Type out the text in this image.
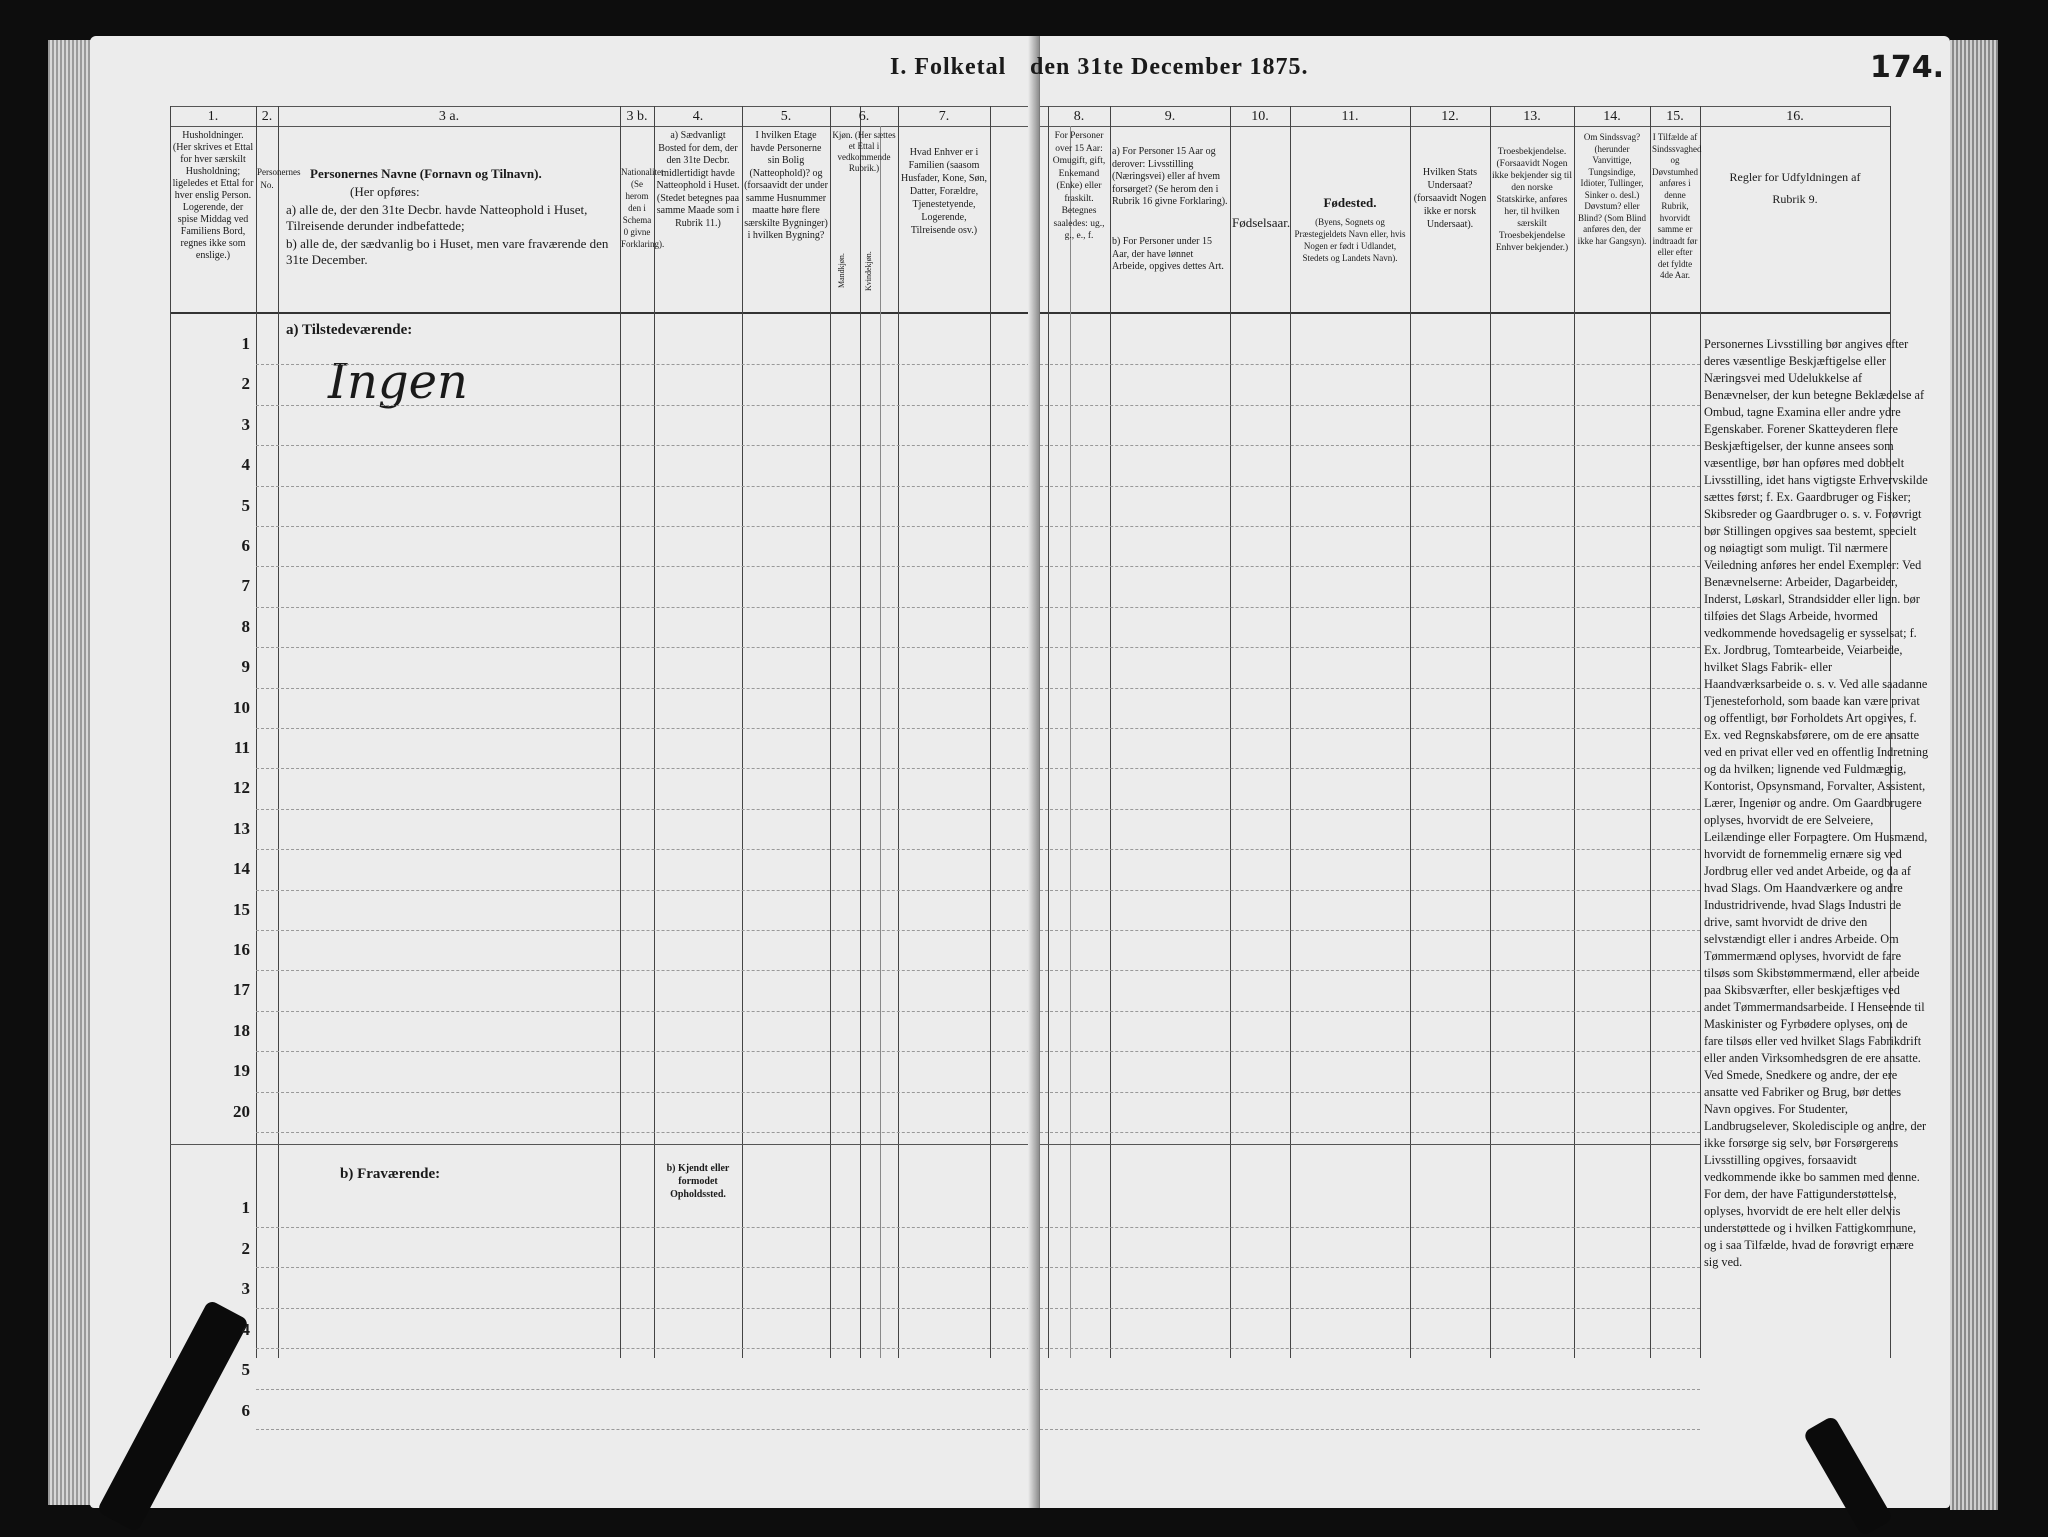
I. Folketal
1.	2.	3 a.	3 b.	4.	5.	6.	7.
Husholdninger. (Her skrives et Ettal for hver særskilt Husholdning; ligeledes et Ettal for hver enslig Person. Logerende, der spise Middag ved Familiens Bord, regnes ikke som enslige.)
Personernes No.
Personernes Navne (Fornavn og Tilnavn).
(Her opføres:
a) alle de, der den 31te Decbr. havde Natteophold i Huset, Tilreisende derunder indbefattede;
b) alle de, der sædvanlig bo i Huset, men vare fraværende den 31te December.
Nationalitet (Se herom den i Schema 0 givne Forklaring).
a) Sædvanligt Bosted for dem, der den 31te Decbr. midlertidigt havde Natteophold i Huset. (Stedet betegnes paa samme Maade som i Rubrik 11.)
I hvilken Etage havde Personerne sin Bolig (Natteophold)? og (forsaavidt der under samme Husnummer maatte høre flere særskilte Bygninger) i hvilken Bygning?
Kjøn. (Her sættes et Ettal i vedkommende Rubrik.)
Mandkjøn.	Kvindekjøn.
Hvad Enhver er i Familien (saasom Husfader, Kone, Søn, Datter, Forældre, Tjenestetyende, Logerende, Tilreisende osv.)
a) Tilstedeværende:
Ingen
b) Fraværende:	b) Kjendt eller formodet Opholdssted.
1
2
3
4
5
6
7
8
9
10
11
12
13
14
15
16
17
18
19
20
1
2
3
4
5
6
den 31te December 1875.	174.
8.	9.	10.	11.	12.	13.	14.	15.	16.
For Personer over 15 Aar: Omugift, gift, Enkemand (Enke) eller fraskilt. Betegnes saaledes: ug., g., e., f.
a) For Personer 15 Aar og derover: Livsstilling (Næringsvei) eller af hvem forsørget? (Se herom den i Rubrik 16 givne Forklaring).
b) For Personer under 15 Aar, der have lønnet Arbeide, opgives dettes Art.
Fødselsaar.
Fødested.
(Byens, Sognets og Præstegjeldets Navn eller, hvis Nogen er født i Udlandet, Stedets og Landets Navn).
Hvilken Stats Undersaat? (forsaavidt Nogen ikke er norsk Undersaat).
Troesbekjendelse. (Forsaavidt Nogen ikke bekjender sig til den norske Statskirke, anføres her, til hvilken særskilt Troesbekjendelse Enhver bekjender.)
Om Sindssvag? (herunder Vanvittige, Tungsindige, Idioter, Tullinger, Sinker o. desl.) Døvstum? eller Blind? (Som Blind anføres den, der ikke har Gangsyn).
I Tilfælde af Sindssvaghed og Døvstumhed anføres i denne Rubrik, hvorvidt samme er indtraadt før eller efter det fyldte 4de Aar.
Regler for Udfyldningen af Rubrik 9.
Personernes Livsstilling bør angives efter deres væsentlige Beskjæftigelse eller Næringsvei med Udelukkelse af Benævnelser, der kun betegne Beklædelse af Ombud, tagne Examina eller andre ydre Egenskaber. Forener Skatteyderen flere Beskjæftigelser, der kunne ansees som væsentlige, bør han opføres med dobbelt Livsstilling, idet hans vigtigste Erhvervskilde sættes først; f. Ex. Gaardbruger og Fisker; Skibsreder og Gaardbruger o. s. v. Forøvrigt bør Stillingen opgives saa bestemt, specielt og nøiagtigt som muligt. Til nærmere Veiledning anføres her endel Exempler: Ved Benævnelserne: Arbeider, Dagarbeider, Inderst, Løskarl, Strandsidder eller lign. bør tilføies det Slags Arbeide, hvormed vedkommende hovedsagelig er sysselsat; f. Ex. Jordbrug, Tomtearbeide, Veiarbeide, hvilket Slags Fabrik- eller Haandværksarbeide o. s. v. Ved alle saadanne Tjenesteforhold, som baade kan være privat og offentligt, bør Forholdets Art opgives, f. Ex. ved Regnskabsførere, om de ere ansatte ved en privat eller ved en offentlig Indretning og da hvilken; lignende ved Fuldmægtig, Kontorist, Opsynsmand, Forvalter, Assistent, Lærer, Ingeniør og andre. Om Gaardbrugere oplyses, hvorvidt de ere Selveiere, Leilændinge eller Forpagtere. Om Husmænd, hvorvidt de fornemmelig ernære sig ved Jordbrug eller ved andet Arbeide, og da af hvad Slags. Om Haandværkere og andre Industridrivende, hvad Slags Industri de drive, samt hvorvidt de drive den selvstændigt eller i andres Arbeide. Om Tømmermænd oplyses, hvorvidt de fare tilsøs som Skibstømmermænd, eller arbeide paa Skibsværfter, eller beskjæftiges ved andet Tømmermandsarbeide. I Henseende til Maskinister og Fyrbødere oplyses, om de fare tilsøs eller ved hvilket Slags Fabrikdrift eller anden Virksomhedsgren de ere ansatte. Ved Smede, Snedkere og andre, der ere ansatte ved Fabriker og Brug, bør dettes Navn opgives. For Studenter, Landbrugselever, Skoledisciple og andre, der ikke forsørge sig selv, bør Forsørgerens Livsstilling opgives, forsaavidt vedkommende ikke bo sammen med denne. For dem, der have Fattigunderstøttelse, oplyses, hvorvidt de ere helt eller delvis understøttede og i hvilken Fattigkommune, og i saa Tilfælde, hvad de forøvrigt ernære sig ved.
